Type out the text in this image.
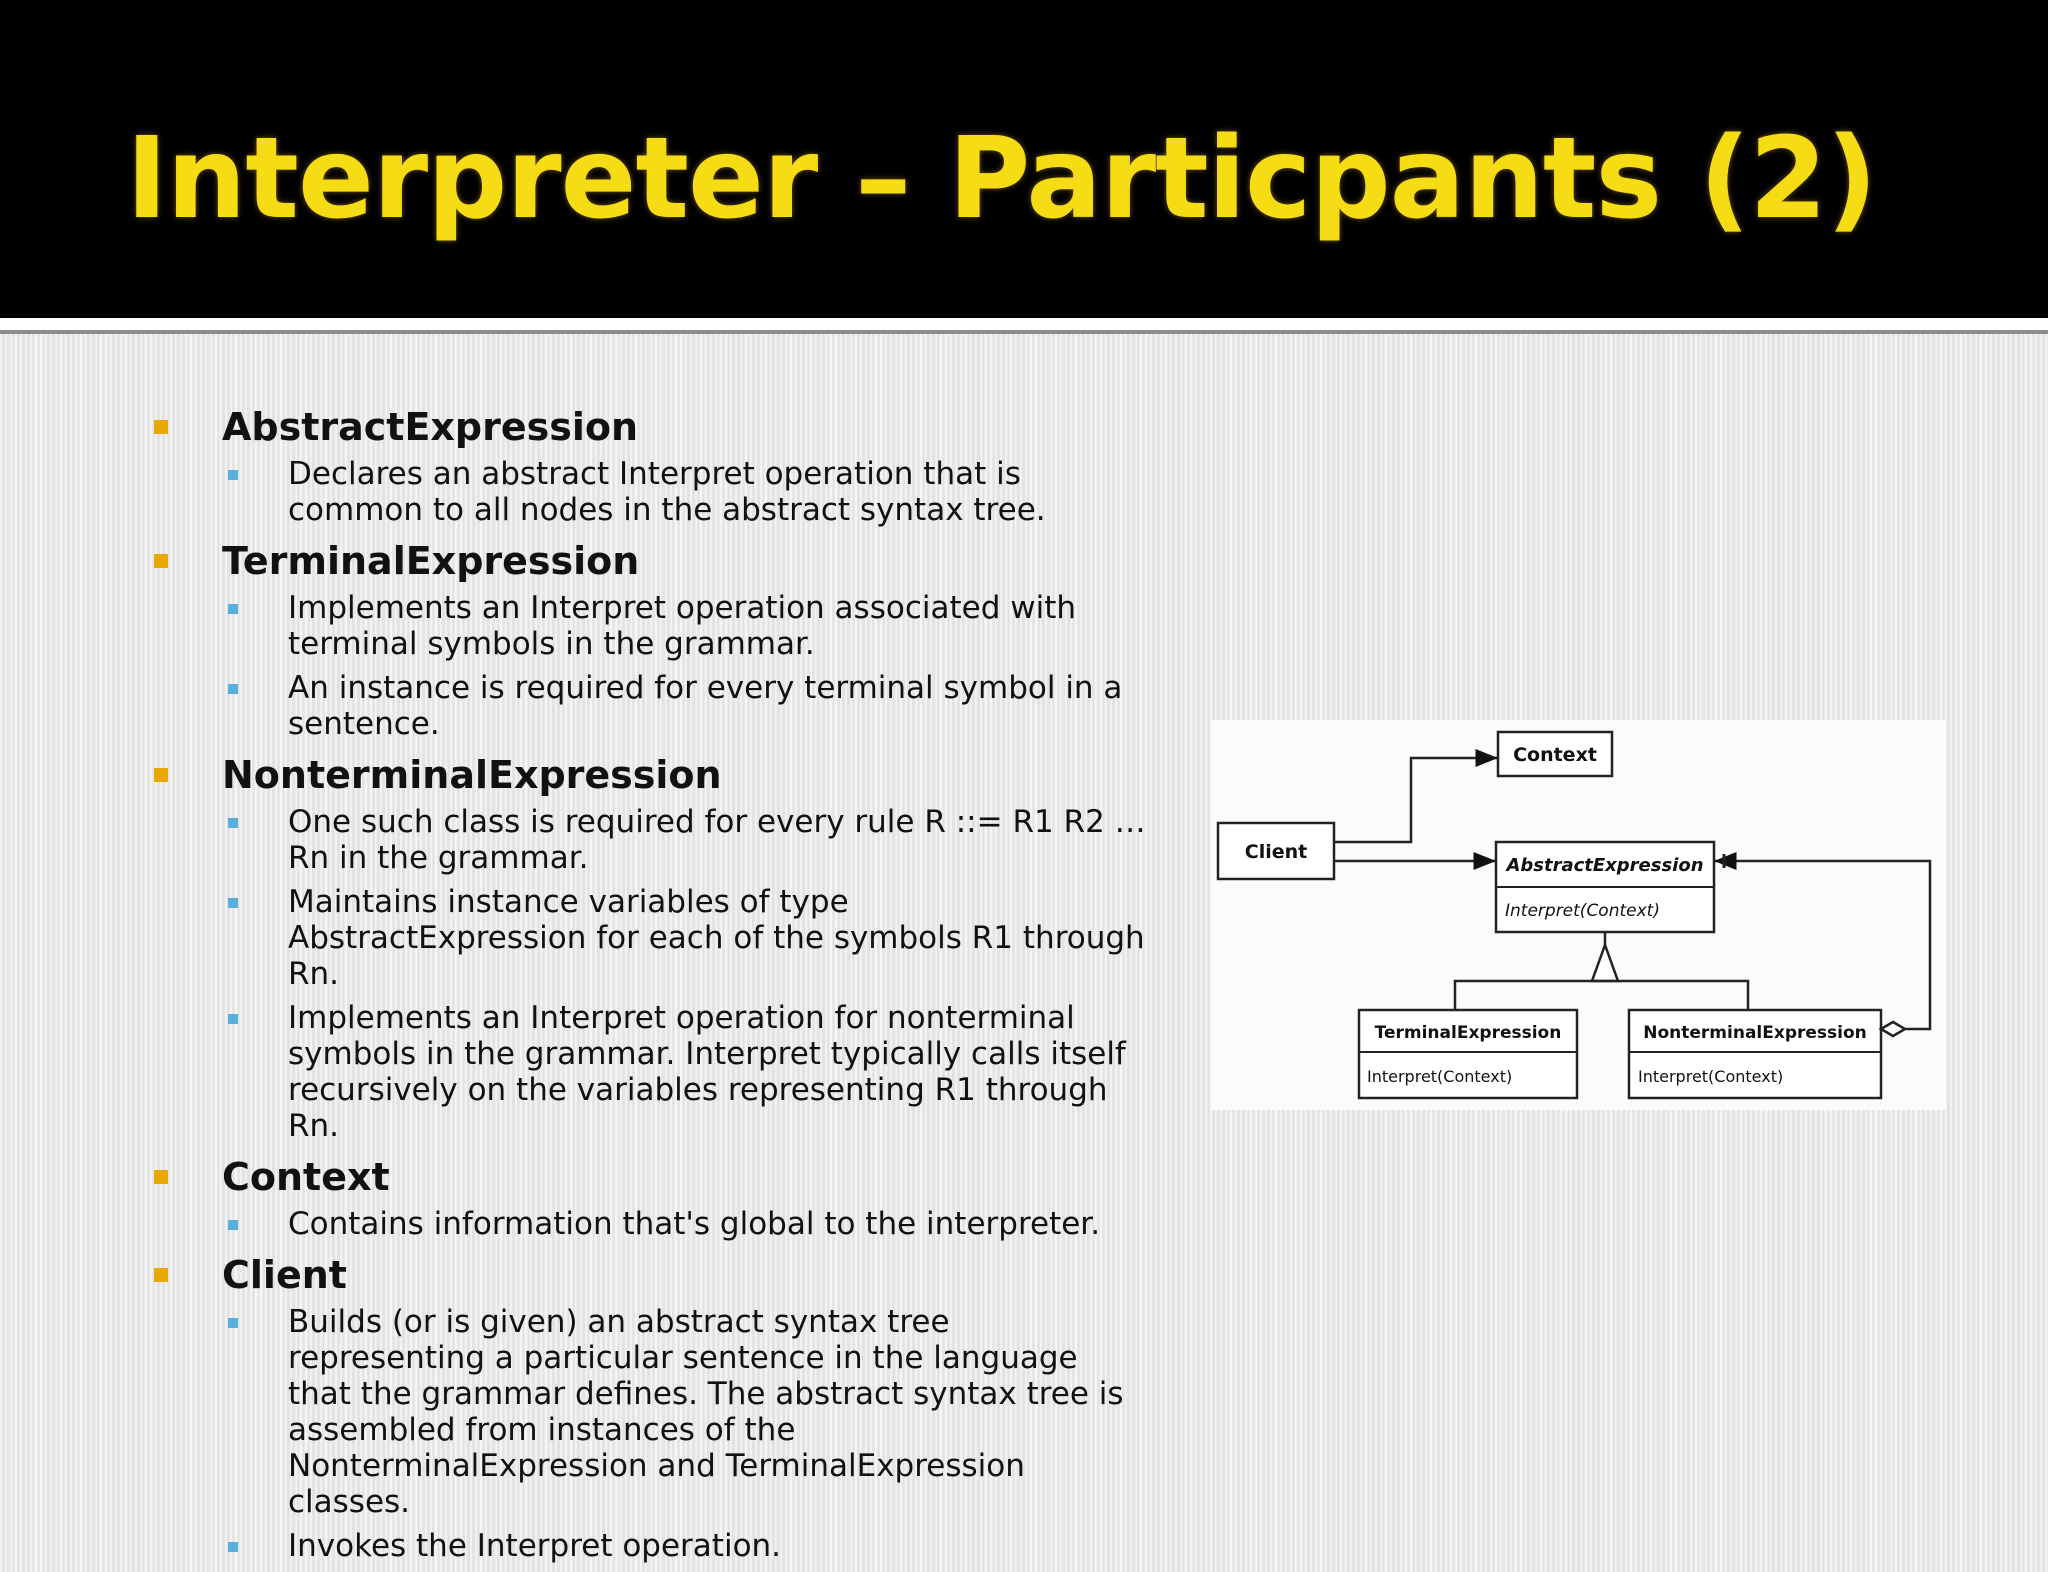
Interpreter – Particpants (2)
AbstractExpression
Declares an abstract Interpret operation that is common to all nodes in the abstract syntax tree.
TerminalExpression
Implements an Interpret operation associated with terminal symbols in the grammar.
An instance is required for every terminal symbol in a sentence.
NonterminalExpression
One such class is required for every rule R ::= R1 R2 … Rn in the grammar.
Maintains instance variables of type AbstractExpression for each of the symbols R1 through Rn.
Implements an Interpret operation for nonterminal symbols in the grammar. Interpret typically calls itself recursively on the variables representing R1 through Rn.
Context
Contains information that's global to the interpreter.
Client
Builds (or is given) an abstract syntax tree representing a particular sentence in the language that the grammar defines. The abstract syntax tree is assembled from instances of the NonterminalExpression and TerminalExpression classes.
Invokes the Interpret operation.
Context
Client
AbstractExpression
Interpret(Context)
TerminalExpression
Interpret(Context)
NonterminalExpression
Interpret(Context)
